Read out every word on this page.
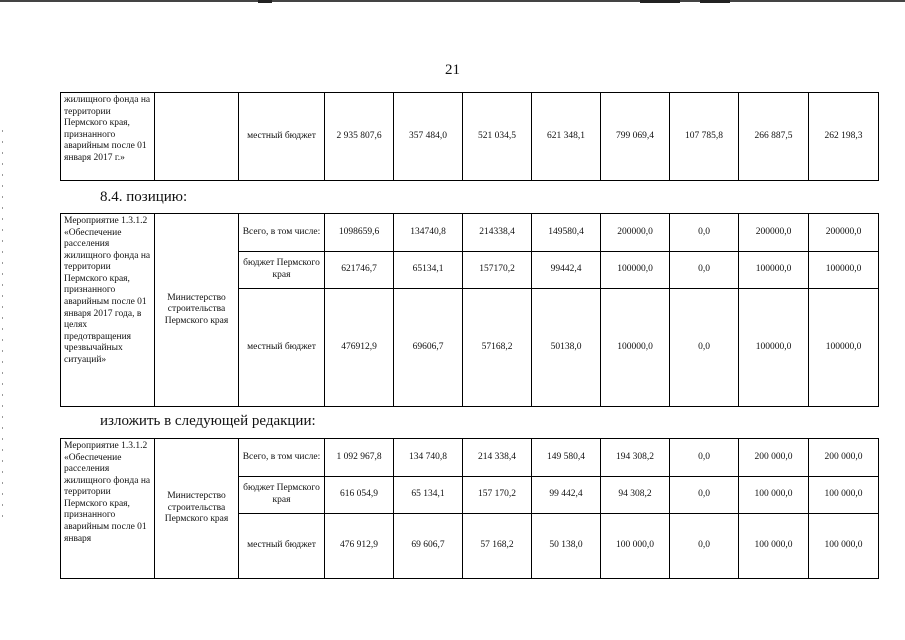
21
жилищного фонда на территории Пермского края, признанного аварийным после 01 января 2017 г.»		местный бюджет	2 935 807,6	357 484,0	521 034,5	621 348,1	799 069,4	107 785,8	266 887,5	262 198,3
8.4. позицию:
Мероприятие 1.3.1.2 «Обеспечение расселения жилищного фонда на территории Пермского края, признанного аварийным после 01 января 2017 года, в целях предотвращения чрезвычайных ситуаций»	Министерство строительства Пермского края	Всего, в том числе:	1098659,6	134740,8	214338,4	149580,4	200000,0	0,0	200000,0	200000,0
		бюджет Пермского края	621746,7	65134,1	157170,2	99442,4	100000,0	0,0	100000,0	100000,0
		местный бюджет	476912,9	69606,7	57168,2	50138,0	100000,0	0,0	100000,0	100000,0
изложить в следующей редакции:
Мероприятие 1.3.1.2 «Обеспечение расселения жилищного фонда на территории Пермского края, признанного аварийным после 01 января	Министерство строительства Пермского края	Всего, в том числе:	1 092 967,8	134 740,8	214 338,4	149 580,4	194 308,2	0,0	200 000,0	200 000,0
		бюджет Пермского края	616 054,9	65 134,1	157 170,2	99 442,4	94 308,2	0,0	100 000,0	100 000,0
		местный бюджет	476 912,9	69 606,7	57 168,2	50 138,0	100 000,0	0,0	100 000,0	100 000,0
